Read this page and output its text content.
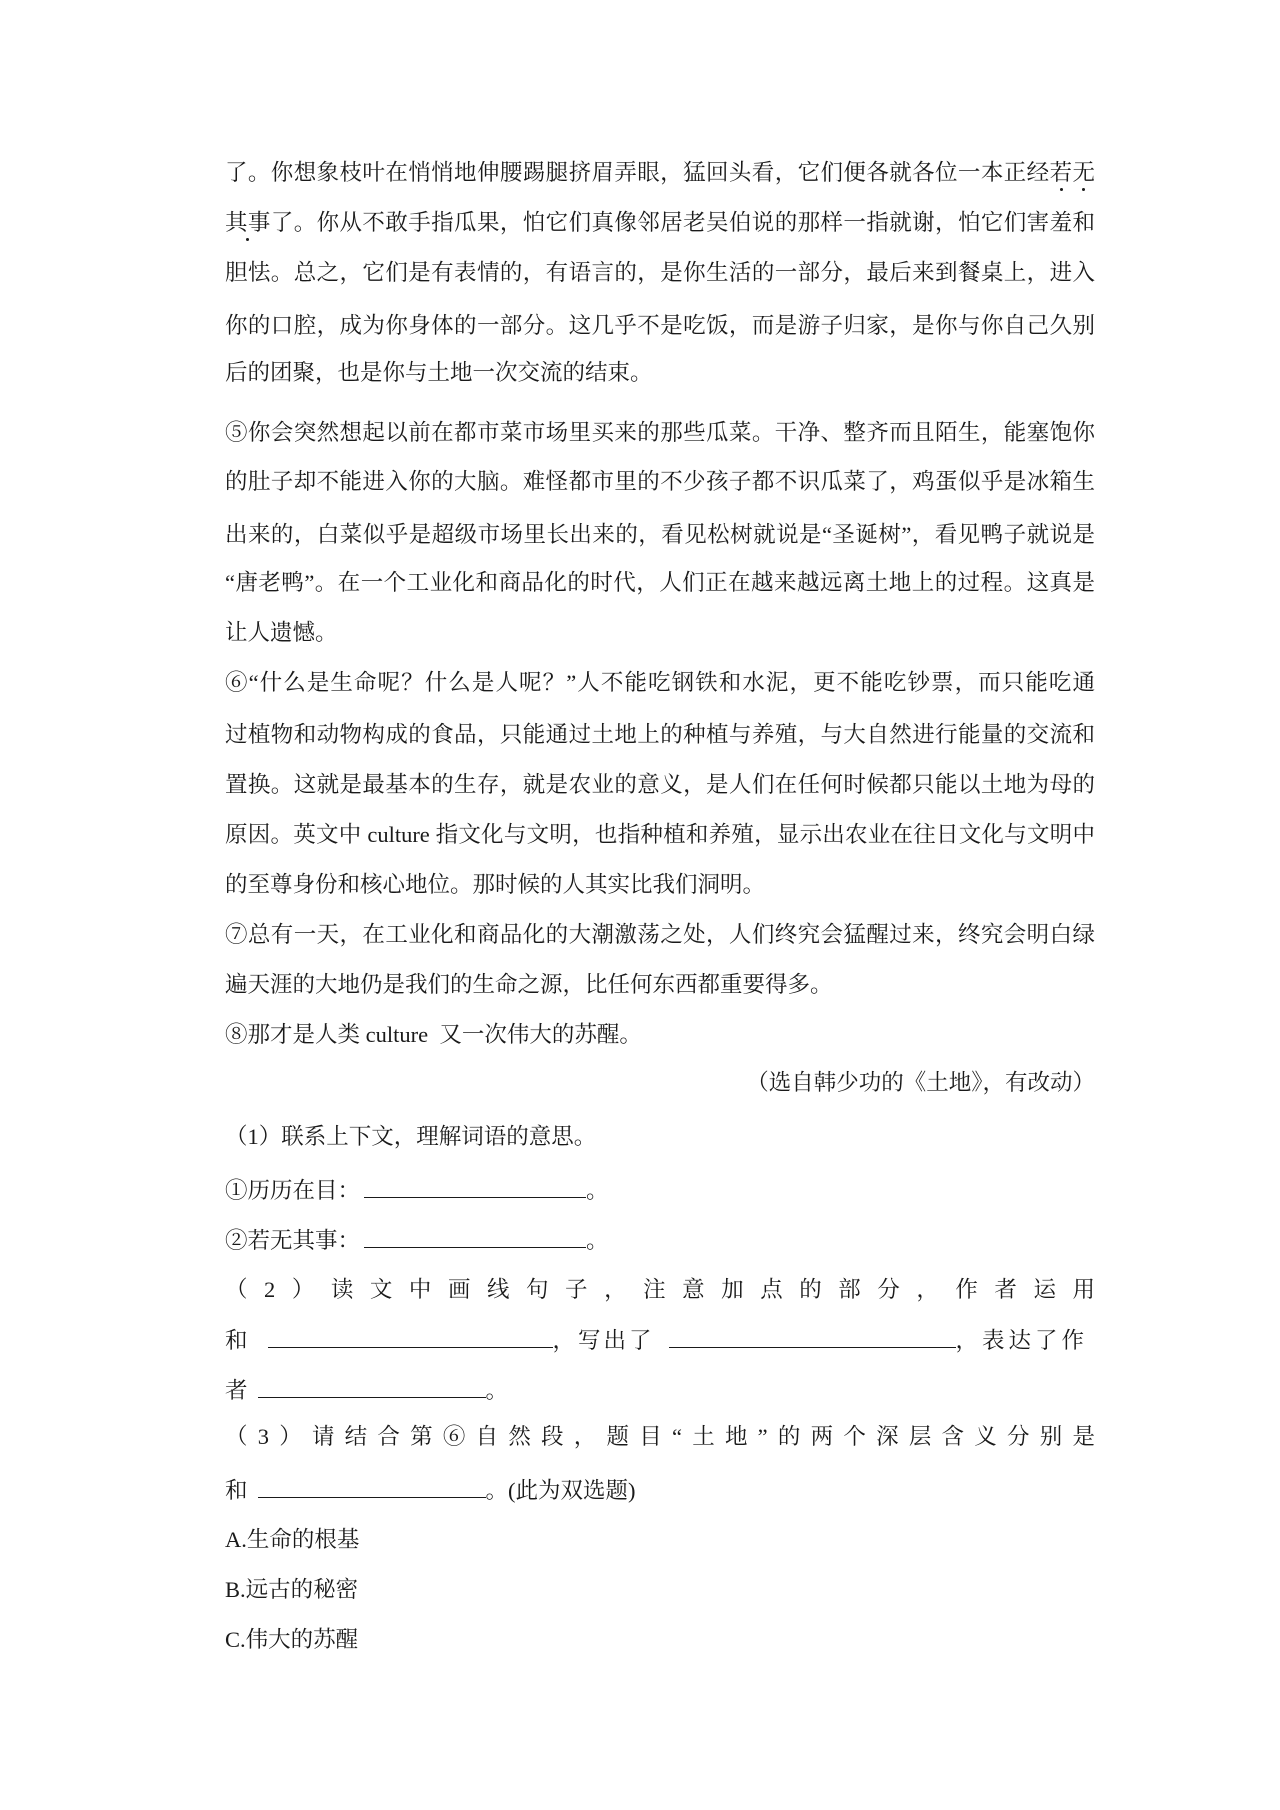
了。你想象枝叶在悄悄地伸腰踢腿挤眉弄眼，猛回头看，它们便各就各位一本正经若无
其事了。你从不敢手指瓜果，怕它们真像邻居老吴伯说的那样一指就谢，怕它们害羞和
胆怯。总之，它们是有表情的，有语言的，是你生活的一部分，最后来到餐桌上，进入
你的口腔，成为你身体的一部分。这几乎不是吃饭，而是游子归家，是你与你自己久别
后的团聚，也是你与土地一次交流的结束。
⑤你会突然想起以前在都市菜市场里买来的那些瓜菜。干净、整齐而且陌生，能塞饱你
的肚子却不能进入你的大脑。难怪都市里的不少孩子都不识瓜菜了，鸡蛋似乎是冰箱生
出来的，白菜似乎是超级市场里长出来的，看见松树就说是“圣诞树”，看见鸭子就说是
“唐老鸭”。在一个工业化和商品化的时代，人们正在越来越远离土地上的过程。这真是
让人遗憾。
⑥“什么是生命呢？什么是人呢？”人不能吃钢铁和水泥，更不能吃钞票，而只能吃通
过植物和动物构成的食品，只能通过土地上的种植与养殖，与大自然进行能量的交流和
置换。这就是最基本的生存，就是农业的意义，是人们在任何时候都只能以土地为母的
原因。英文中 culture 指文化与文明，也指种植和养殖，显示出农业在往日文化与文明中
的至尊身份和核心地位。那时候的人其实比我们洞明。
⑦总有一天，在工业化和商品化的大潮激荡之处，人们终究会猛醒过来，终究会明白绿
遍天涯的大地仍是我们的生命之源，比任何东西都重要得多。
⑧那才是人类 culture  又一次伟大的苏醒。
（选自韩少功的《土地》，有改动）
（1）联系上下文，理解词语的意思。
①历历在目：	。
②若无其事：	。
（2）读文中画线句子，注意加点的部分，作者运用
和	，写出了	，表达了作
者	。
（3）请结合第⑥自然段，题目“土地”的两个深层含义分别是
和	。(此为双选题)
A.生命的根基
B.远古的秘密
C.伟大的苏醒
